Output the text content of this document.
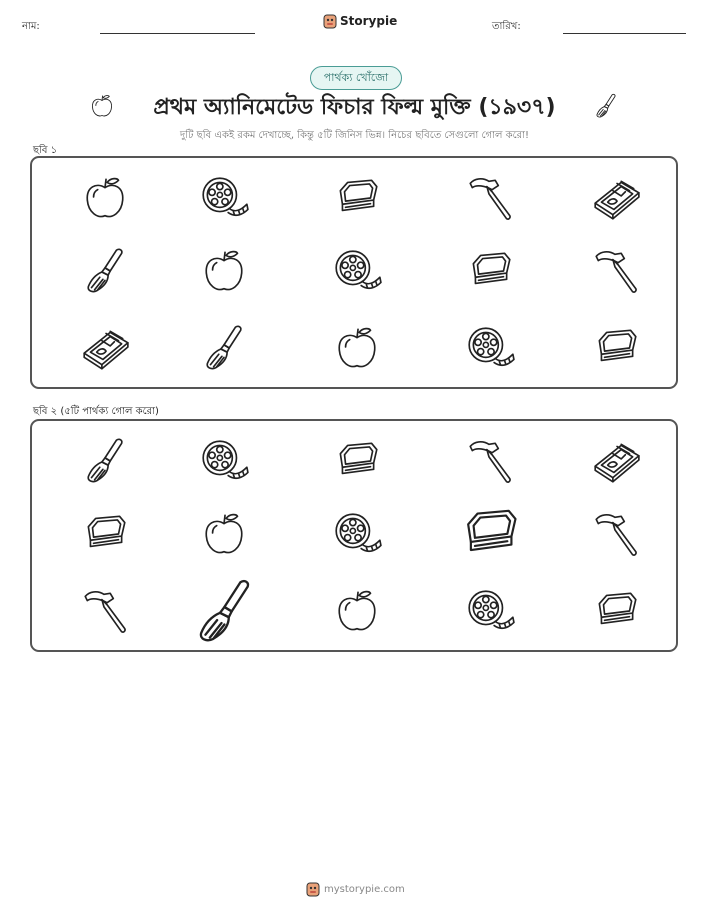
নাম:	Storypie	তারিখ:
পার্থক্য খোঁজো
প্রথম অ্যানিমেটেড ফিচার ফিল্ম মুক্তি (১৯৩৭)
দুটি ছবি একই রকম দেখাচ্ছে, কিন্তু ৫টি জিনিস ভিন্ন। নিচের ছবিতে সেগুলো গোল করো!
ছবি ১
ছবি ২ (৫টি পার্থক্য গোল করো)
mystorypie.com
